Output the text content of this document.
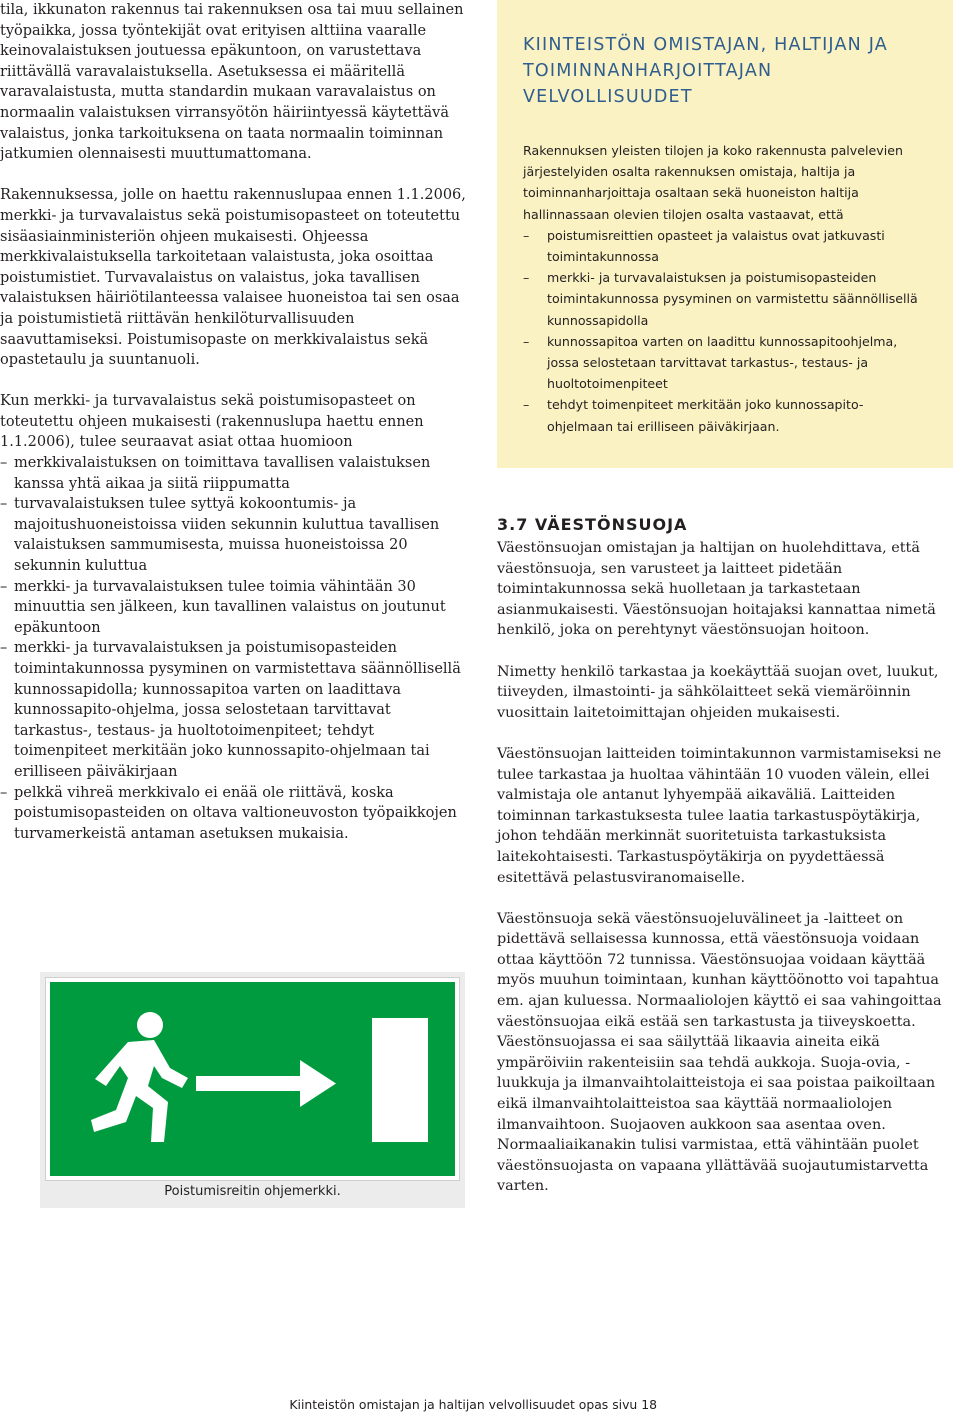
tila, ikkunaton rakennus tai rakennuksen osa tai muu sellainen työpaikka, jossa työntekijät ovat erityisen alttiina vaaralle keinovalaistuksen joutuessa epäkuntoon, on varustettava riittävällä varavalaistuksella. Asetuksessa ei määritellä varavalaistusta, mutta standardin mukaan varavalaistus on normaalin valaistuksen virransyötön häiriintyessä käytettävä valaistus, jonka tarkoituksena on taata normaalin toiminnan jatkumien olennaisesti muuttumattomana.

Rakennuksessa, jolle on haettu rakennuslupaa ennen 1.1.2006, merkki- ja turvavalaistus sekä poistumisopasteet on toteutettu sisäasiainministeriön ohjeen mukaisesti. Ohjeessa merkkivalaistuksella tarkoitetaan valaistusta, joka osoittaa poistumistiet. Turvavalaistus on valaistus, joka tavallisen valaistuksen häiriötilanteessa valaisee huoneistoa tai sen osaa ja poistumistietä riittävän henkilöturvallisuuden saavuttamiseksi. Poistumisopaste on merkkivalaistus sekä opastetaulu ja suuntanuoli.

Kun merkki- ja turvavalaistus sekä poistumisopasteet on toteutettu ohjeen mukaisesti (rakennuslupa haettu ennen 1.1.2006), tulee seuraavat asiat ottaa huomioon

– merkkivalaistuksen on toimittava tavallisen valaistuksen kanssa yhtä aikaa ja siitä riippumatta
– turvavalaistuksen tulee syttyä kokoontumis- ja majoitushuoneistoissa viiden sekunnin kuluttua tavallisen valaistuksen sammumisesta, muissa huoneistoissa 20 sekunnin kuluttua
– merkki- ja turvavalaistuksen tulee toimia vähintään 30 minuuttia sen jälkeen, kun tavallinen valaistus on joutunut epäkuntoon
– merkki- ja turvavalaistuksen ja poistumisopasteiden toimintakunnossa pysyminen on varmistettava säännöllisellä kunnossapidolla; kunnossapitoa varten on laadittava kunnossapito-ohjelma, jossa selostetaan tarvittavat tarkastus-, testaus- ja huoltotoimenpiteet; tehdyt toimenpiteet merkitään joko kunnossapito-ohjelmaan tai erilliseen päiväkirjaan
– pelkkä vihreä merkkivalo ei enää ole riittävä, koska poistumisopasteiden on oltava valtioneuvoston työpaikkojen turvamerkeistä antaman asetuksen mukaisia.
KIINTEISTÖN OMISTAJAN, HALTIJAN JA TOIMINNANHARJOITTAJAN VELVOLLISUUDET
Rakennuksen yleisten tilojen ja koko rakennusta palvelevien järjestelyiden osalta rakennuksen omistaja, haltija ja toiminnanharjoittaja osaltaan sekä huoneiston haltija hallinnassaan olevien tilojen osalta vastaavat, että
– poistumisreittien opasteet ja valaistus ovat jatkuvasti toimintakunnossa
– merkki- ja turvavalaistuksen ja poistumisopasteiden toimintakunnossa pysyminen on varmistettu säännöllisellä kunnossapidolla
– kunnossapitoa varten on laadittu kunnossapitoohjelma, jossa selostetaan tarvittavat tarkastus-, testaus- ja huoltotoimenpiteet
– tehdyt toimenpiteet merkitään joko kunnossapito-ohjelmaan tai erilliseen päiväkirjaan.
Poistumisreitin ohjemerkki.
3.7 VÄESTÖNSUOJA

Väestönsuojan omistajan ja haltijan on huolehdittava, että väestönsuoja, sen varusteet ja laitteet pidetään toimintakunnossa sekä huolletaan ja tarkastetaan asianmukaisesti. Väestönsuojan hoitajaksi kannattaa nimetä henkilö, joka on perehtynyt väestönsuojan hoitoon.

Nimetty henkilö tarkastaa ja koekäyttää suojan ovet, luukut, tiiveyden, ilmastointi- ja sähkölaitteet sekä viemäröinnin vuosittain laitetoimittajan ohjeiden mukaisesti.

Väestönsuojan laitteiden toimintakunnon varmistamiseksi ne tulee tarkastaa ja huoltaa vähintään 10 vuoden välein, ellei valmistaja ole antanut lyhyempää aikaväliä. Laitteiden toiminnan tarkastuksesta tulee laatia tarkastuspöytäkirja, johon tehdään merkinnät suoritetuista tarkastuksista laitekohtaisesti. Tarkastuspöytäkirja on pyydettäessä esitettävä pelastusviranomaiselle.

Väestönsuoja sekä väestönsuojeluvälineet ja -laitteet on pidettävä sellaisessa kunnossa, että väestönsuoja voidaan ottaa käyttöön 72 tunnissa. Väestönsuojaa voidaan käyttää myös muuhun toimintaan, kunhan käyttöönotto voi tapahtua em. ajan kuluessa. Normaaliolojen käyttö ei saa vahingoittaa väestönsuojaa eikä estää sen tarkastusta ja tiiveyskoetta. Väestönsuojassa ei saa säilyttää likaavia aineita eikä ympäröiviin rakenteisiin saa tehdä aukkoja. Suoja-ovia, -luukkuja ja ilmanvaihtolaitteistoja ei saa poistaa paikoiltaan eikä ilmanvaihtolaitteistoa saa käyttää normaaliolojen ilmanvaihtoon. Suojaoven aukkoon saa asentaa oven. Normaaliaikanakin tulisi varmistaa, että vähintään puolet väestönsuojasta on vapaana yllättävää suojautumistarvetta varten.

Kiinteistön omistajan ja haltijan velvollisuudet opas sivu 18
